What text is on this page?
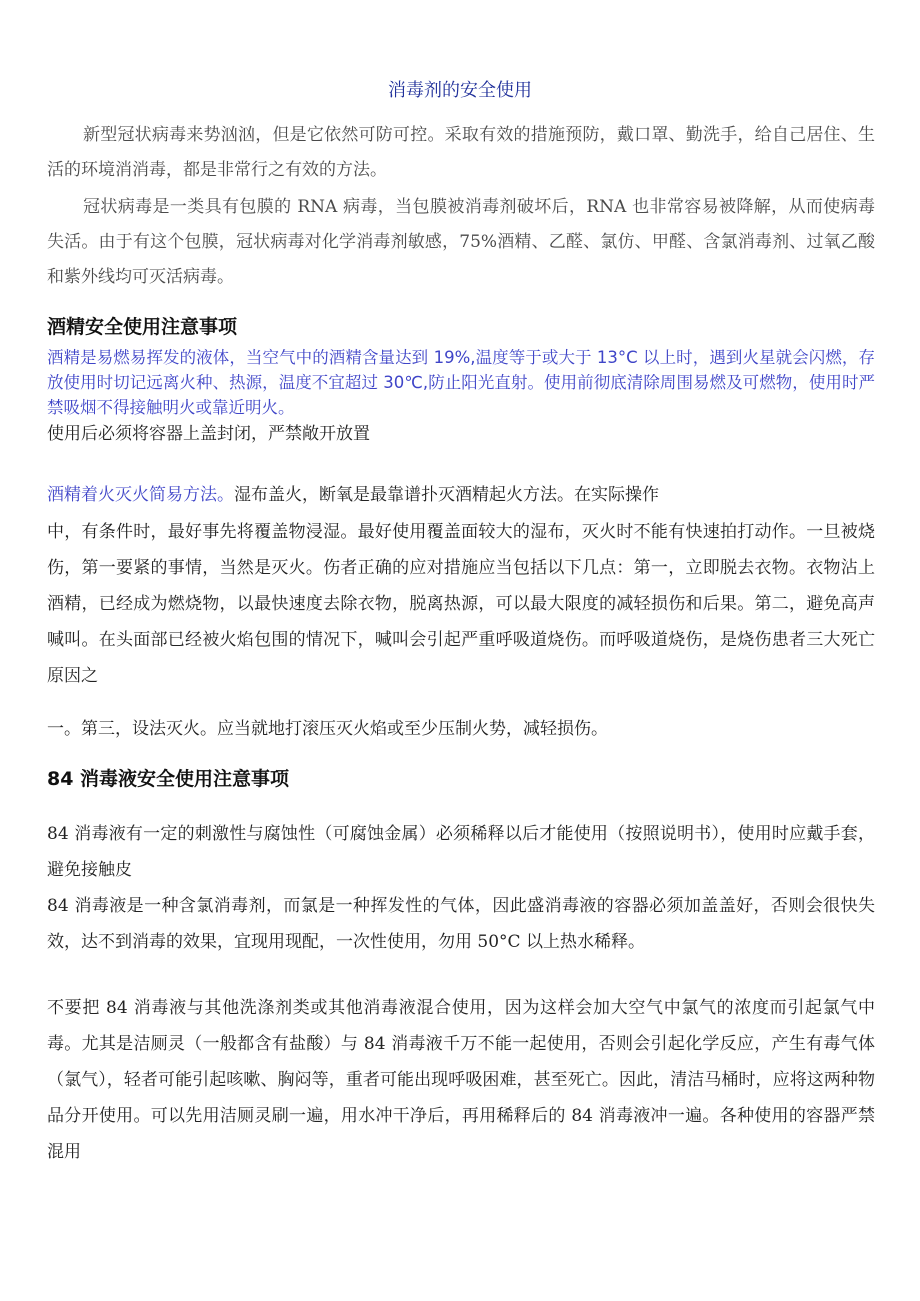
消毒剂的安全使用
新型冠状病毒来势汹汹，但是它依然可防可控。采取有效的措施预防，戴口罩、勤洗手，给自己居住、生活的环境消消毒，都是非常行之有效的方法。
冠状病毒是一类具有包膜的 RNA 病毒，当包膜被消毒剂破坏后，RNA 也非常容易被降解，从而使病毒失活。由于有这个包膜，冠状病毒对化学消毒剂敏感，75%酒精、乙醛、氯仿、甲醛、含氯消毒剂、过氧乙酸和紫外线均可灭活病毒。
酒精安全使用注意事项
酒精是易燃易挥发的液体，当空气中的酒精含量达到 19%,温度等于或大于 13°C 以上时，遇到火星就会闪燃，存放使用时切记远离火种、热源，温度不宜超过 30℃,防止阳光直射。使用前彻底清除周围易燃及可燃物，使用时严禁吸烟不得接触明火或靠近明火。
使用后必须将容器上盖封闭，严禁敞开放置
酒精着火灭火简易方法。湿布盖火，断氧是最靠谱扑灭酒精起火方法。在实际操作
中，有条件时，最好事先将覆盖物浸湿。最好使用覆盖面较大的湿布，灭火时不能有快速拍打动作。一旦被烧伤，第一要紧的事情，当然是灭火。伤者正确的应对措施应当包括以下几点：第一，立即脱去衣物。衣物沾上酒精，已经成为燃烧物，以最快速度去除衣物，脱离热源，可以最大限度的减轻损伤和后果。第二，避免高声喊叫。在头面部已经被火焰包围的情况下，喊叫会引起严重呼吸道烧伤。而呼吸道烧伤，是烧伤患者三大死亡原因之
一。第三，设法灭火。应当就地打滚压灭火焰或至少压制火势，减轻损伤。
84 消毒液安全使用注意事项
84 消毒液有一定的刺激性与腐蚀性（可腐蚀金属）必须稀释以后才能使用（按照说明书），使用时应戴手套，避免接触皮
84 消毒液是一种含氯消毒剂，而氯是一种挥发性的气体，因此盛消毒液的容器必须加盖盖好，否则会很快失效，达不到消毒的效果，宜现用现配，一次性使用，勿用 50°C 以上热水稀释。
不要把 84 消毒液与其他洗涤剂类或其他消毒液混合使用，因为这样会加大空气中氯气的浓度而引起氯气中毒。尤其是洁厕灵（一般都含有盐酸）与 84 消毒液千万不能一起使用，否则会引起化学反应，产生有毒气体（氯气），轻者可能引起咳嗽、胸闷等，重者可能出现呼吸困难，甚至死亡。因此，清洁马桶时，应将这两种物品分开使用。可以先用洁厕灵刷一遍，用水冲干净后，再用稀释后的 84 消毒液冲一遍。各种使用的容器严禁混用
